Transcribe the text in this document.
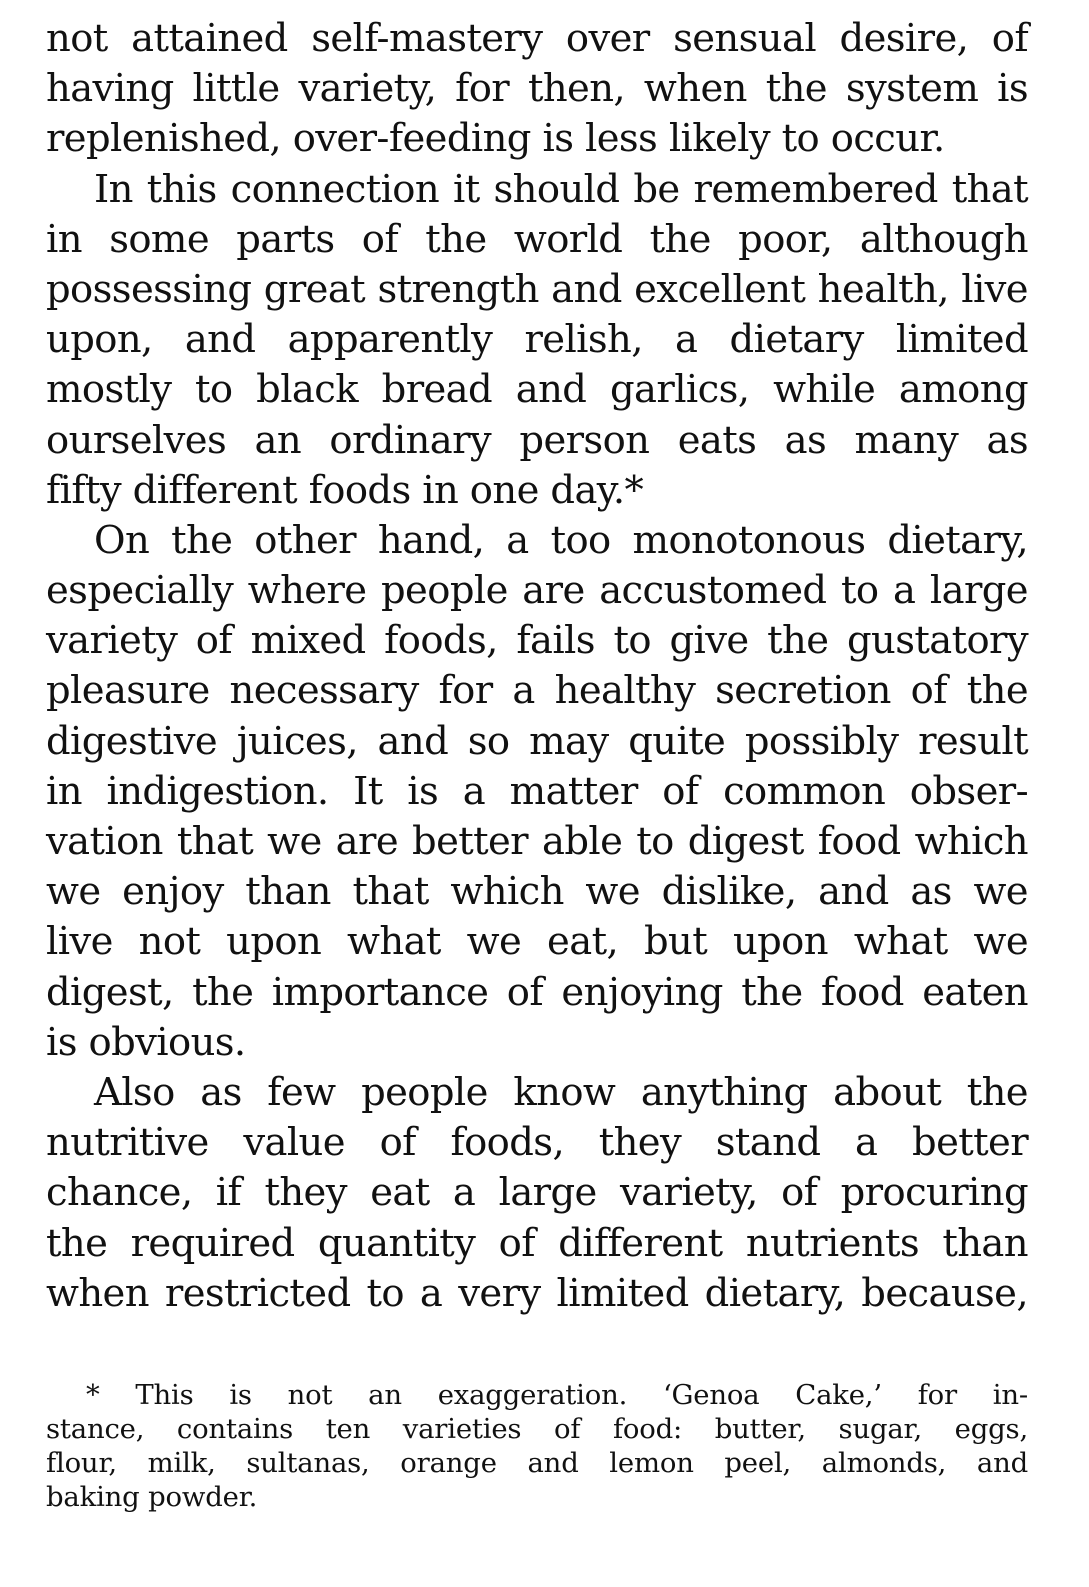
not attained self-mastery over sensual desire, of
having little variety, for then, when the system is
replenished, over-feeding is less likely to occur.
In this connection it should be remembered that
in some parts of the world the poor, although
possessing great strength and excellent health, live
upon, and apparently relish, a dietary limited
mostly to black bread and garlics, while among
ourselves an ordinary person eats as many as
fifty different foods in one day.*
On the other hand, a too monotonous dietary,
especially where people are accustomed to a large
variety of mixed foods, fails to give the gustatory
pleasure necessary for a healthy secretion of the
digestive juices, and so may quite possibly result
in indigestion. It is a matter of common obser-
vation that we are better able to digest food which
we enjoy than that which we dislike, and as we
live not upon what we eat, but upon what we
digest, the importance of enjoying the food eaten
is obvious.
Also as few people know anything about the
nutritive value of foods, they stand a better
chance, if they eat a large variety, of procuring
the required quantity of different nutrients than
when restricted to a very limited dietary, because,
* This is not an exaggeration. ‘Genoa Cake,’ for in-
stance, contains ten varieties of food: butter, sugar, eggs,
flour, milk, sultanas, orange and lemon peel, almonds, and
baking powder.
